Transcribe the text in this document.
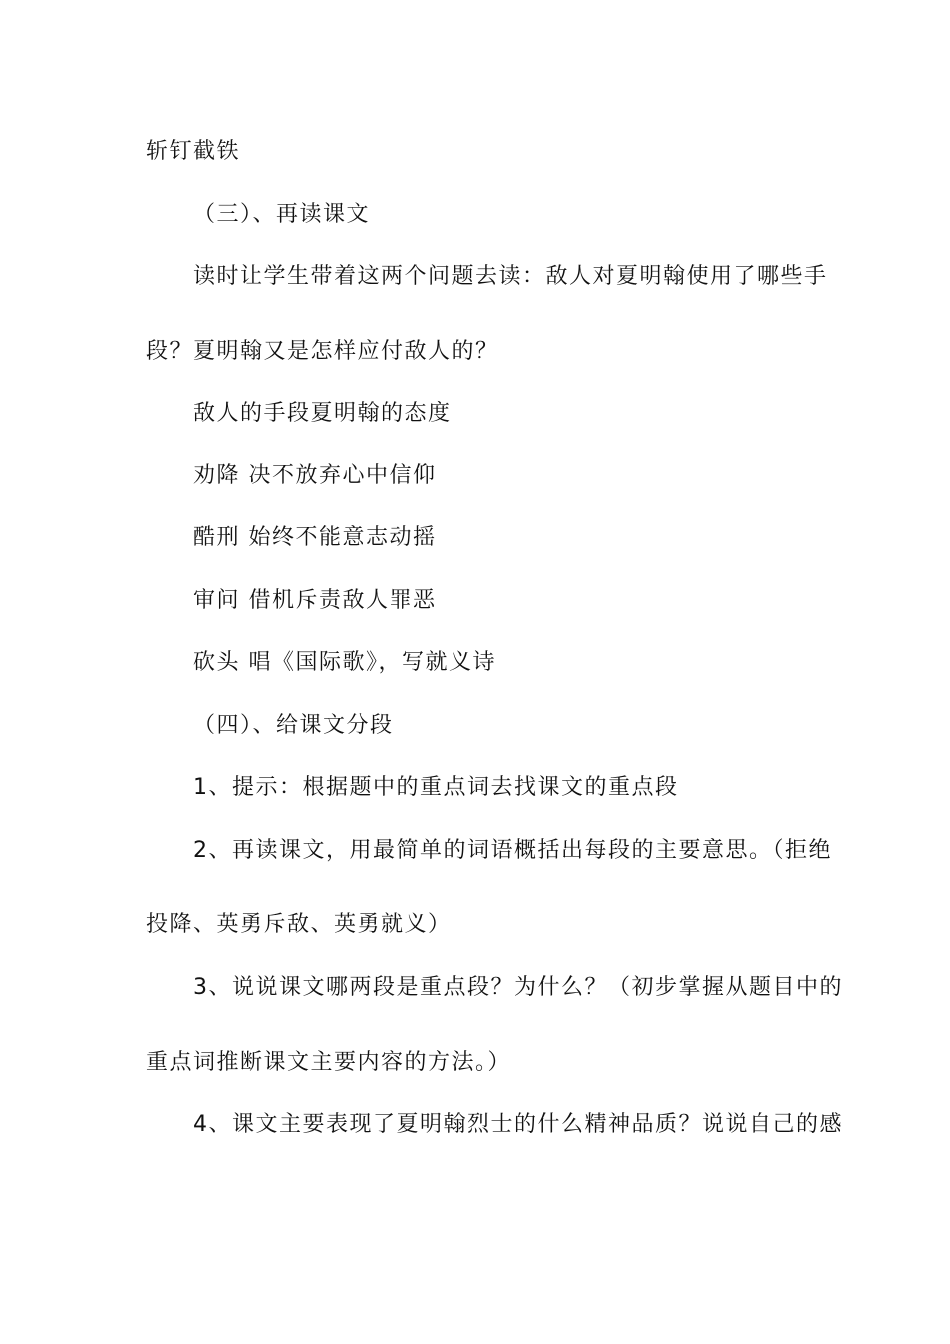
斩钉截铁
（三）、再读课文
读时让学生带着这两个问题去读：敌人对夏明翰使用了哪些手
段？夏明翰又是怎样应付敌人的？
敌人的手段夏明翰的态度
劝降 决不放弃心中信仰
酷刑 始终不能意志动摇
审问 借机斥责敌人罪恶
砍头 唱《国际歌》，写就义诗
（四）、给课文分段
1、提示：根据题中的重点词去找课文的重点段
2、再读课文，用最简单的词语概括出每段的主要意思。（拒绝
投降、英勇斥敌、英勇就义）
3、说说课文哪两段是重点段？为什么？（初步掌握从题目中的
重点词推断课文主要内容的方法。）
4、课文主要表现了夏明翰烈士的什么精神品质？说说自己的感
